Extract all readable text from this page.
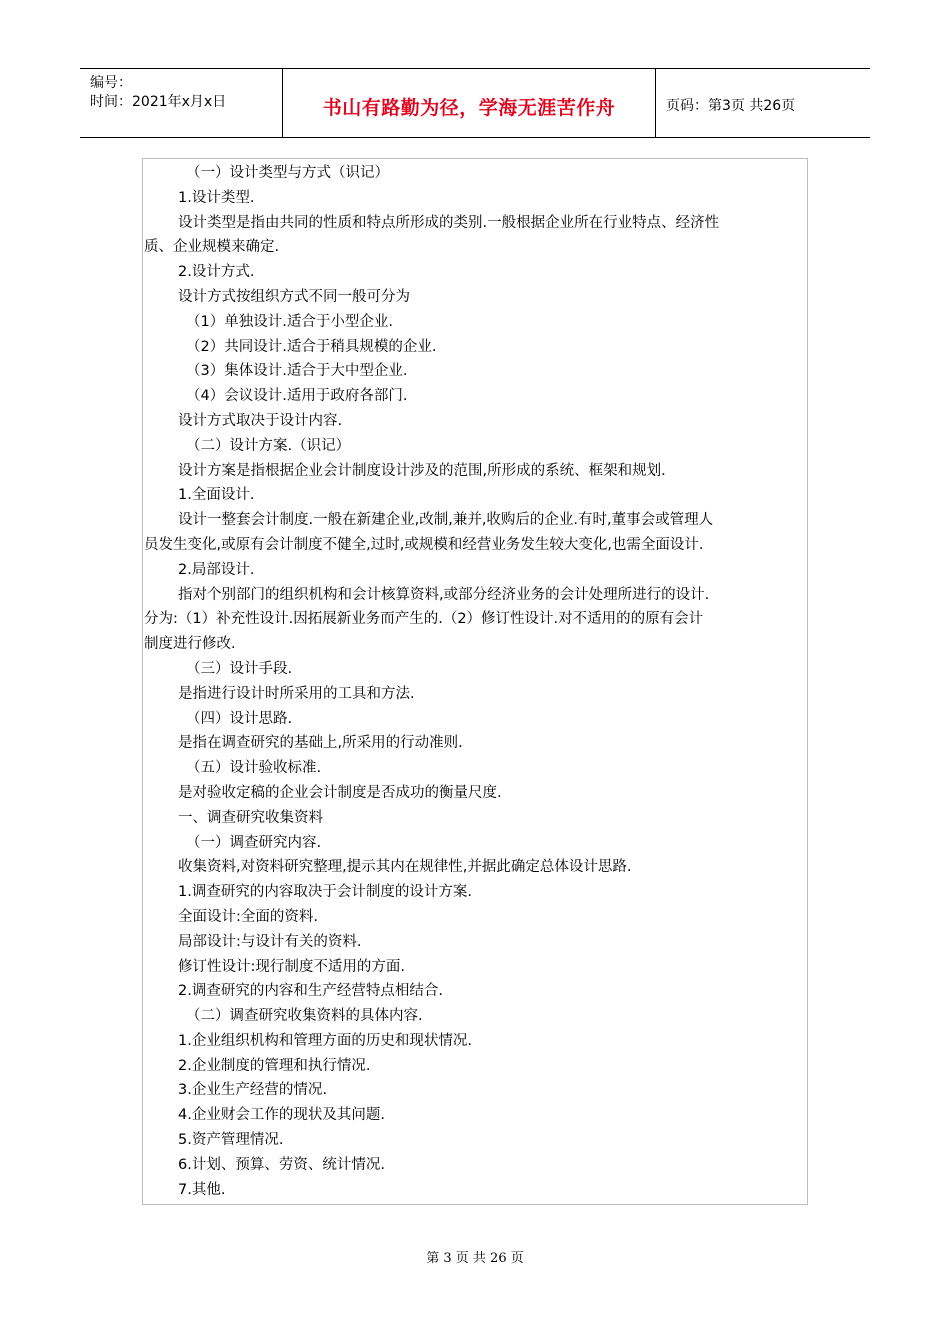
编号：
时间：2021年x月x日	书山有路勤为径，学海无涯苦作舟	页码：第3页 共26页
（一）设计类型与方式（识记）
1.设计类型.
设计类型是指由共同的性质和特点所形成的类别.一般根据企业所在行业特点、经济性
质、企业规模来确定.
2.设计方式.
设计方式按组织方式不同一般可分为
（1）单独设计.适合于小型企业.
（2）共同设计.适合于稍具规模的企业.
（3）集体设计.适合于大中型企业.
（4）会议设计.适用于政府各部门.
设计方式取决于设计内容.
（二）设计方案.（识记）
设计方案是指根据企业会计制度设计涉及的范围,所形成的系统、框架和规划.
1.全面设计.
设计一整套会计制度.一般在新建企业,改制,兼并,收购后的企业.有时,董事会或管理人
员发生变化,或原有会计制度不健全,过时,或规模和经营业务发生较大变化,也需全面设计.
2.局部设计.
指对个别部门的组织机构和会计核算资料,或部分经济业务的会计处理所进行的设计.
分为:（1）补充性设计.因拓展新业务而产生的.（2）修订性设计.对不适用的的原有会计
制度进行修改.
（三）设计手段.
是指进行设计时所采用的工具和方法.
（四）设计思路.
是指在调查研究的基础上,所采用的行动准则.
（五）设计验收标准.
是对验收定稿的企业会计制度是否成功的衡量尺度.
一、调查研究收集资料
（一）调查研究内容.
收集资料,对资料研究整理,提示其内在规律性,并据此确定总体设计思路.
1.调查研究的内容取决于会计制度的设计方案.
全面设计:全面的资料.
局部设计:与设计有关的资料.
修订性设计:现行制度不适用的方面.
2.调查研究的内容和生产经营特点相结合.
（二）调查研究收集资料的具体内容.
1.企业组织机构和管理方面的历史和现状情况.
2.企业制度的管理和执行情况.
3.企业生产经营的情况.
4.企业财会工作的现状及其问题.
5.资产管理情况.
6.计划、预算、劳资、统计情况.
7.其他.
第 3 页 共 26 页
